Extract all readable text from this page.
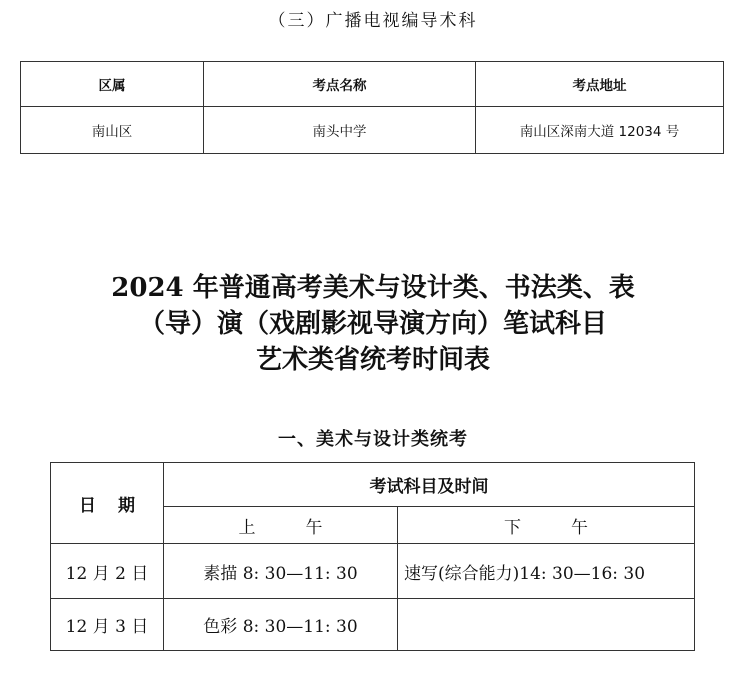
（三）广播电视编导术科
区属	考点名称	考点地址
南山区	南头中学	南山区深南大道 12034 号
2024 年普通高考美术与设计类、书法类、表
（导）演（戏剧影视导演方向）笔试科目
艺术类省统考时间表
一、美术与设计类统考
日期	考试科目及时间	
	上午	下午
12 月 2 日	素描 8: 30—11: 30	速写(综合能力)14: 30—16: 30
12 月 3 日	色彩 8: 30—11: 30	
